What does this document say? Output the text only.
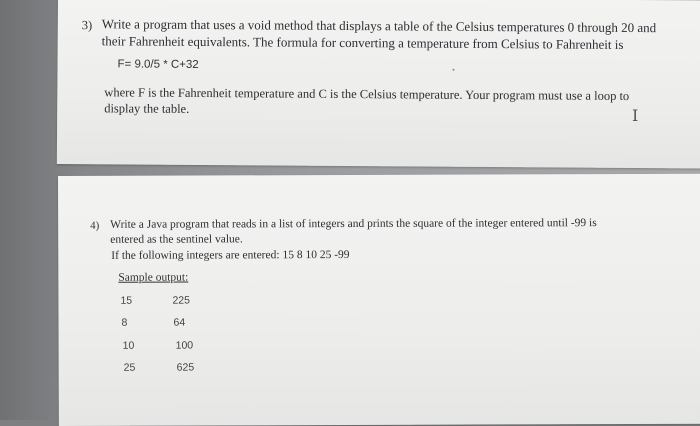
3) Write a program that uses a void method that displays a table of the Celsius temperatures 0 through 20 and
their Fahrenheit equivalents. The formula for converting a temperature from Celsius to Fahrenheit is
F= 9.0/5 * C+32
where F is the Fahrenheit temperature and C is the Celsius temperature. Your program must use a loop to
display the table.	I
4) Write a Java program that reads in a list of integers and prints the square of the integer entered until -99 is
entered as the sentinel value.
If the following integers are entered: 15 8 10 25 -99
Sample output:
15	225
8	64
10	100
25	625
